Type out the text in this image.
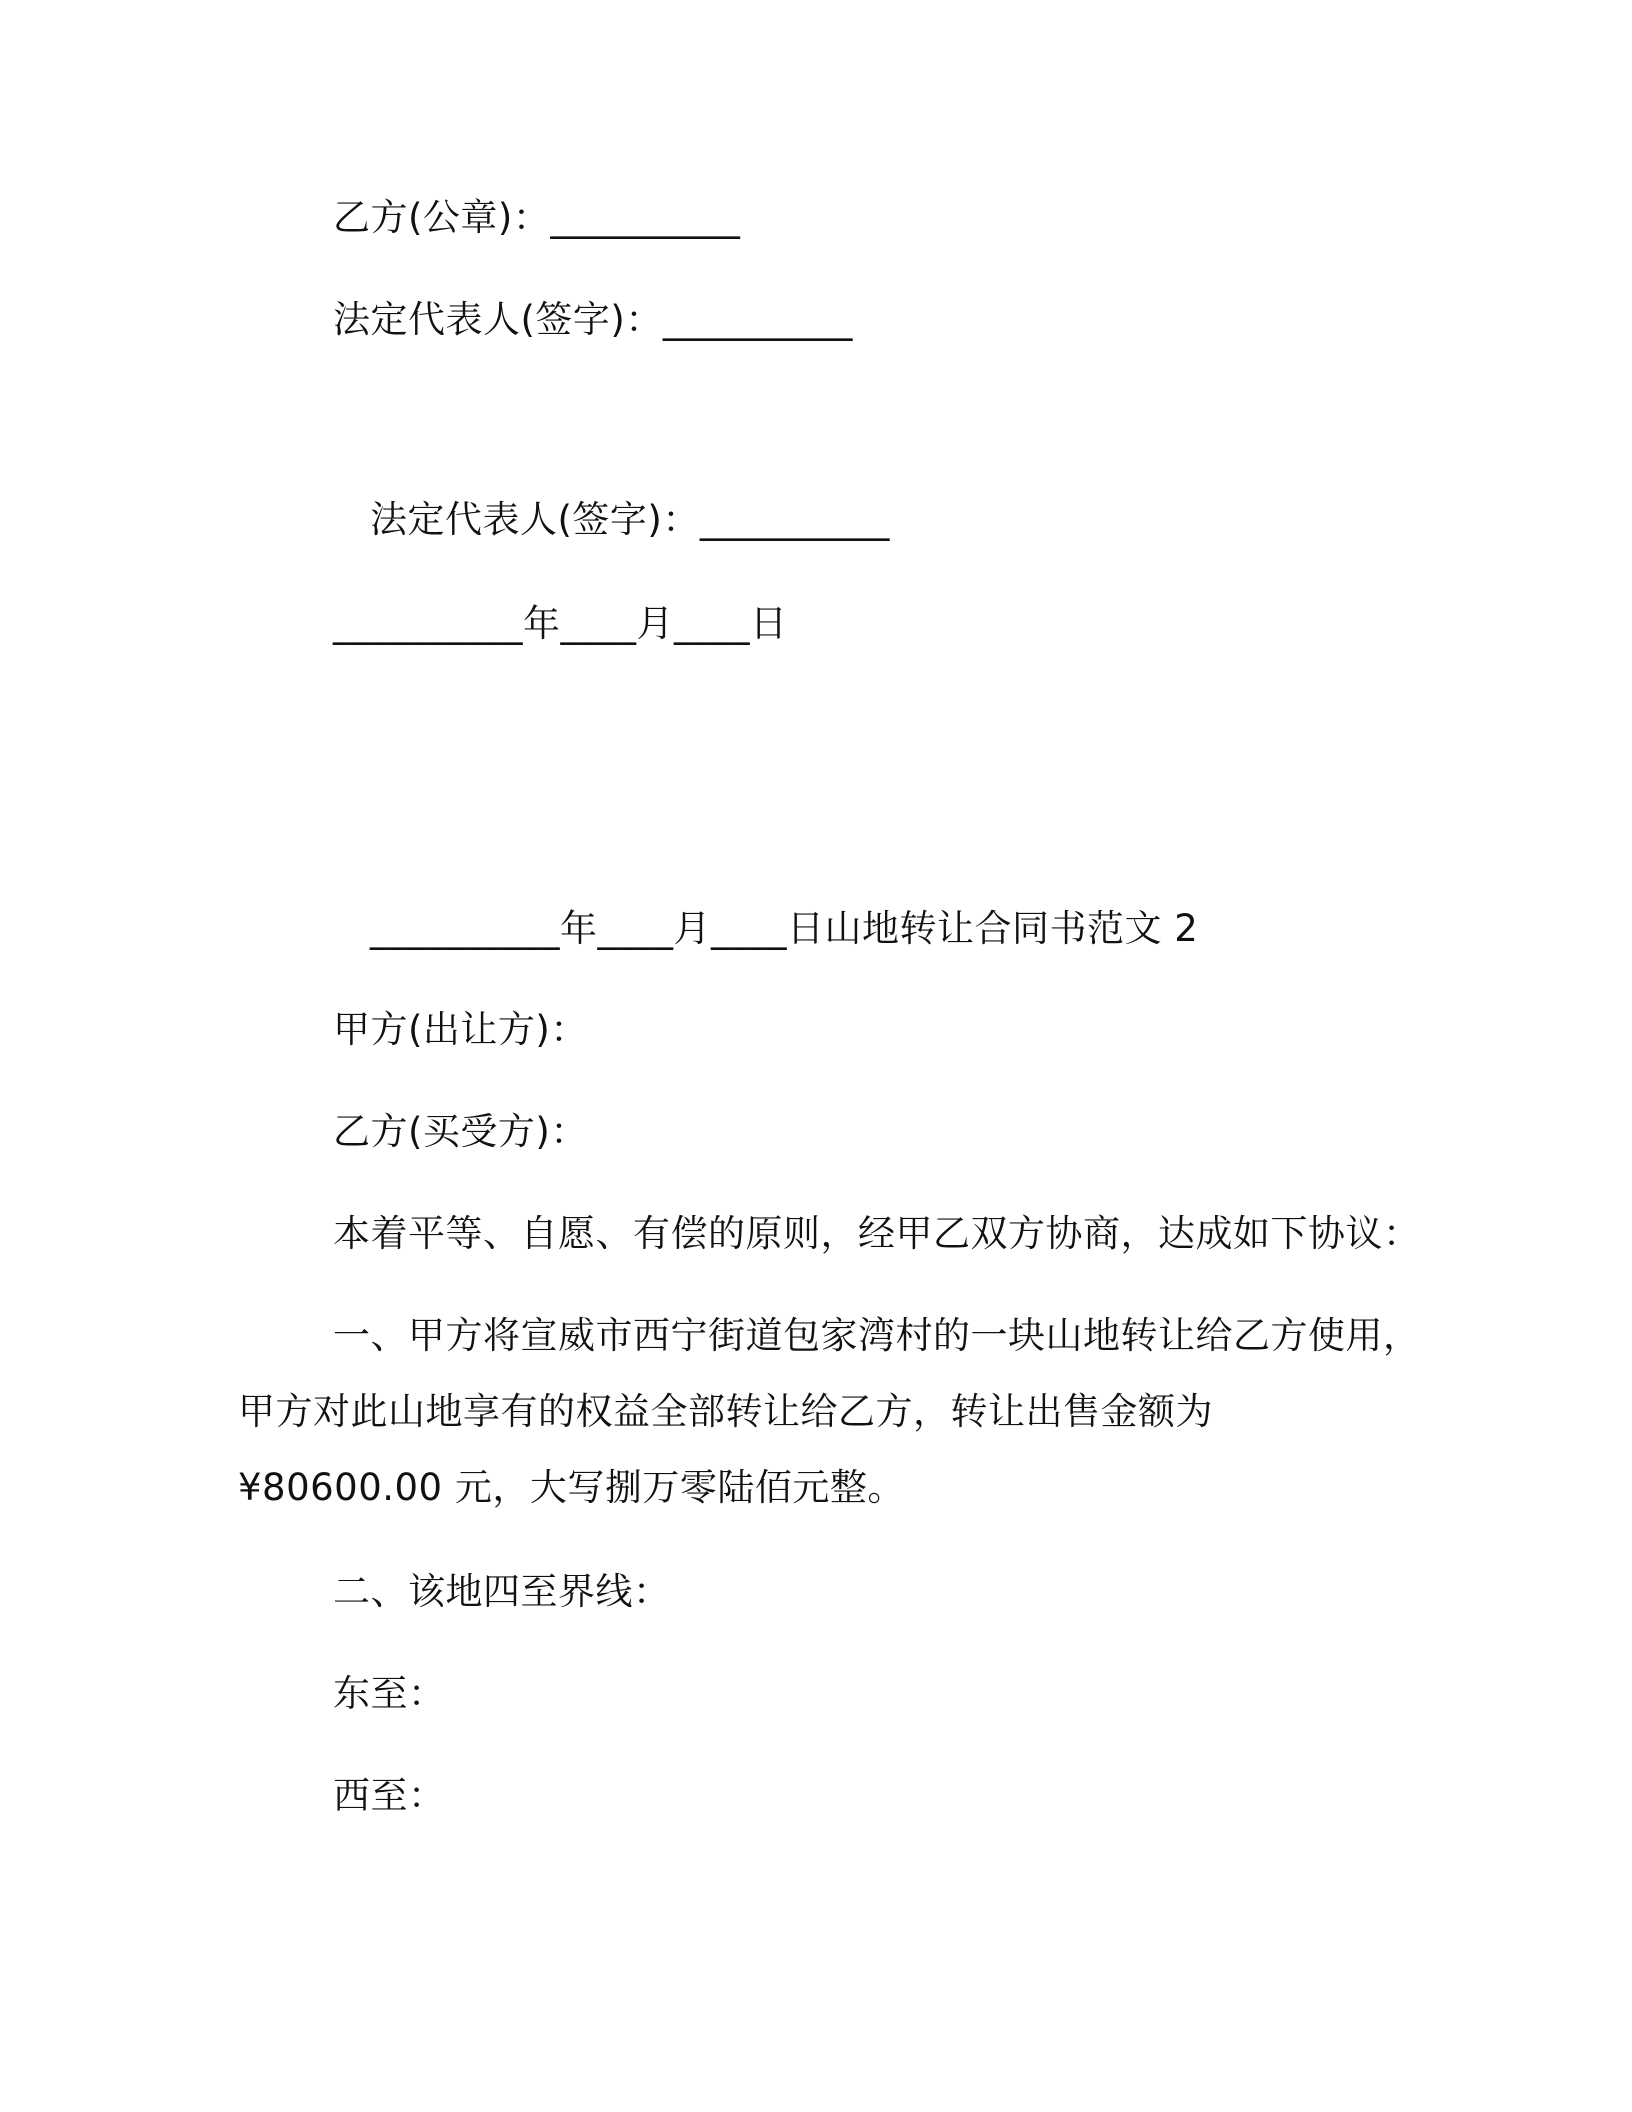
乙方(公章)：__________
法定代表人(签字)：__________
法定代表人(签字)：__________
__________年____月____日
__________年____月____日山地转让合同书范文 2
甲方(出让方)：
乙方(买受方)：
本着平等、自愿、有偿的原则，经甲乙双方协商，达成如下协议：
一、甲方将宣威市西宁街道包家湾村的一块山地转让给乙方使用，
甲方对此山地享有的权益全部转让给乙方，转让出售金额为
¥80600.00 元，大写捌万零陆佰元整。
二、该地四至界线：
东至：
西至：
